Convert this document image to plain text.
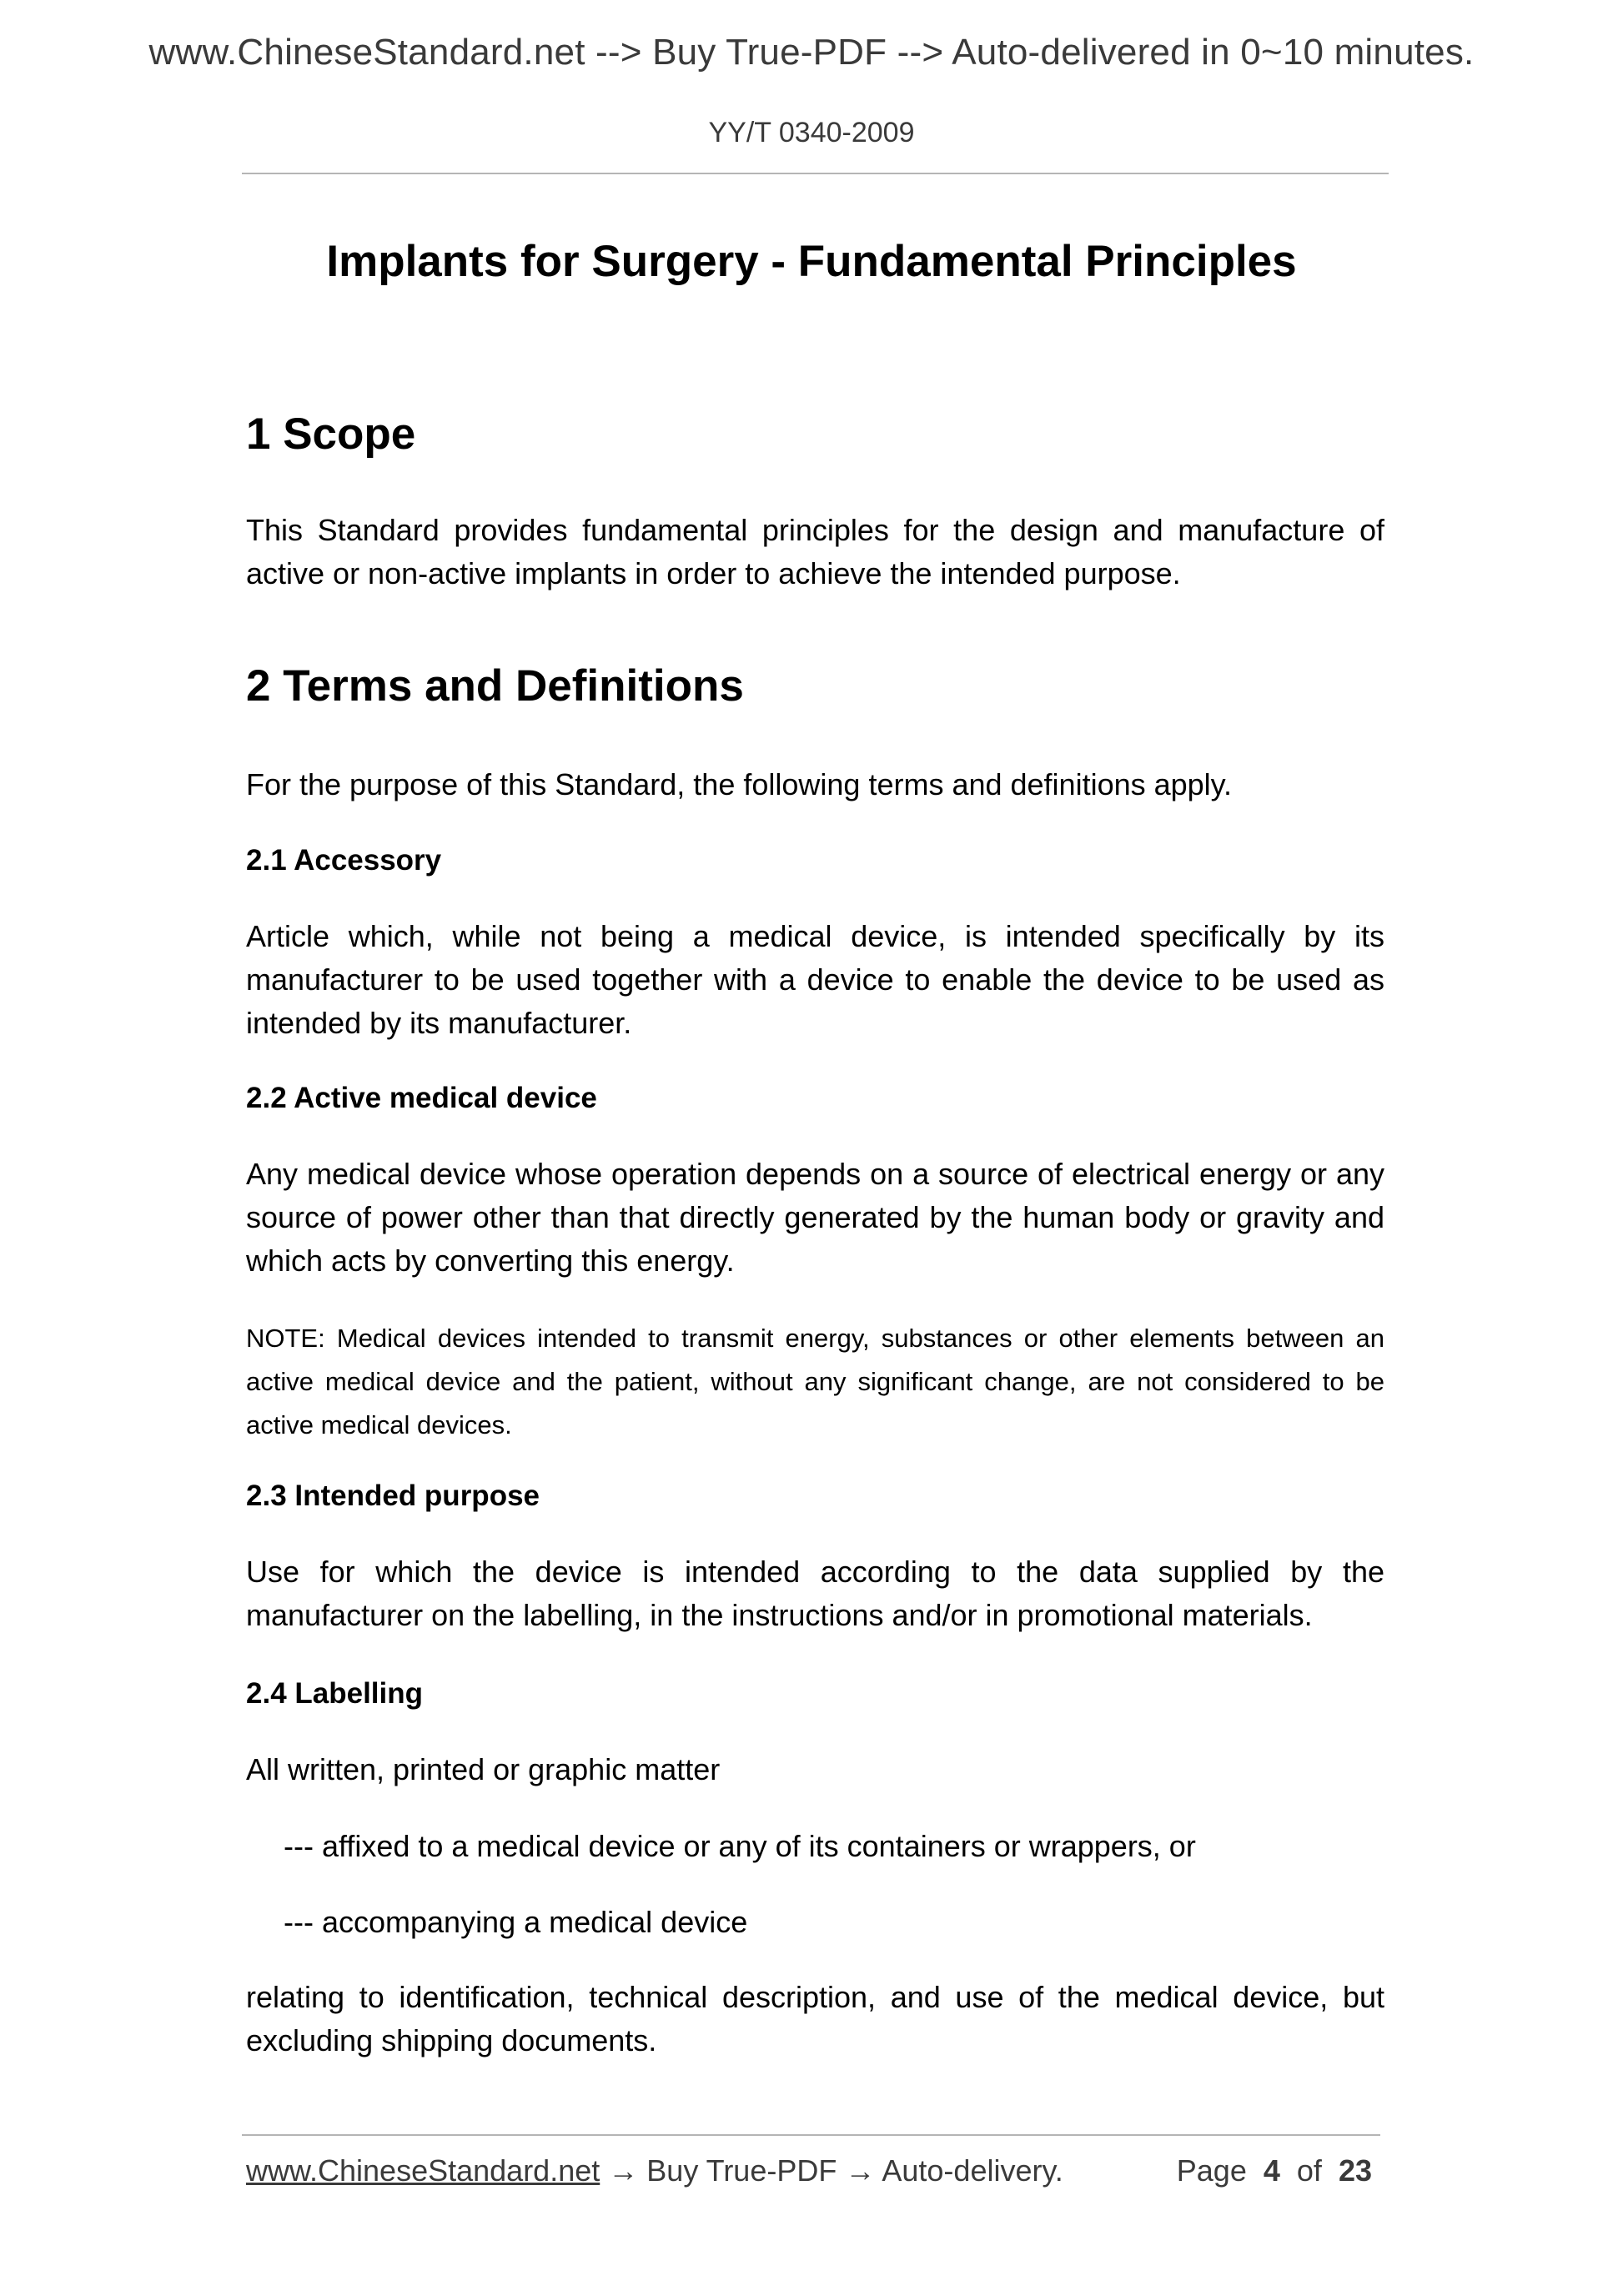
www.ChineseStandard.net --> Buy True-PDF --> Auto-delivered in 0~10 minutes.
YY/T 0340-2009
Implants for Surgery - Fundamental Principles
1 Scope
This Standard provides fundamental principles for the design and manufacture of active or non-active implants in order to achieve the intended purpose.
2 Terms and Definitions
For the purpose of this Standard, the following terms and definitions apply.
2.1 Accessory
Article which, while not being a medical device, is intended specifically by its manufacturer to be used together with a device to enable the device to be used as intended by its manufacturer.
2.2 Active medical device
Any medical device whose operation depends on a source of electrical energy or any source of power other than that directly generated by the human body or gravity and which acts by converting this energy.
NOTE: Medical devices intended to transmit energy, substances or other elements between an active medical device and the patient, without any significant change, are not considered to be active medical devices.
2.3 Intended purpose
Use for which the device is intended according to the data supplied by the manufacturer on the labelling, in the instructions and/or in promotional materials.
2.4 Labelling
All written, printed or graphic matter
--- affixed to a medical device or any of its containers or wrappers, or
--- accompanying a medical device
relating to identification, technical description, and use of the medical device, but excluding shipping documents.
www.ChineseStandard.net → Buy True-PDF → Auto-delivery.	Page 4 of 23
